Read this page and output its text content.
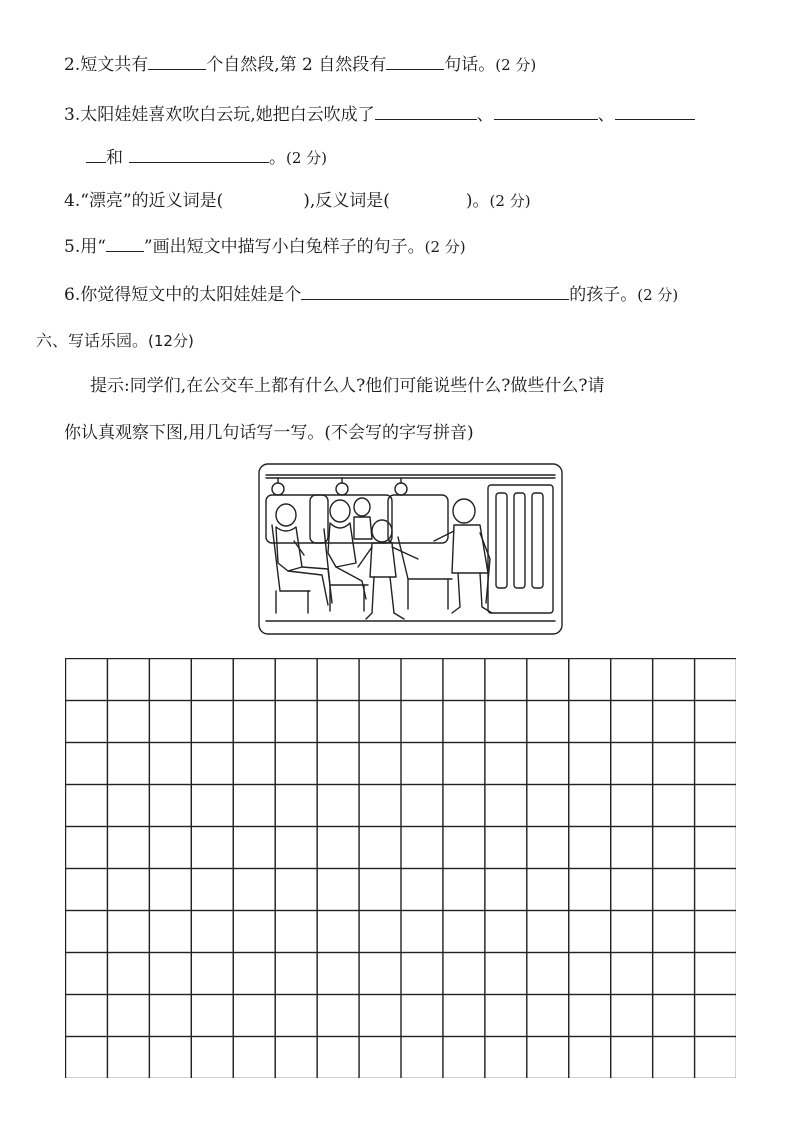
2.短文共有	个自然段,第 2 自然段有	句话。(2 分)
3.太阳娃娃喜欢吹白云玩,她把白云吹成了	、	、
和	。(2 分)
4.“漂亮”的近义词是(	),反义词是(	)。(2 分)
5.用“ ”画出短文中描写小白兔样子的句子。(2 分)
6.你觉得短文中的太阳娃娃是个	的孩子。(2 分)
六、写话乐园。(12分)
提示:同学们,在公交车上都有什么人?他们可能说些什么?做些什么?请
你认真观察下图,用几句话写一写。(不会写的字写拼音)
